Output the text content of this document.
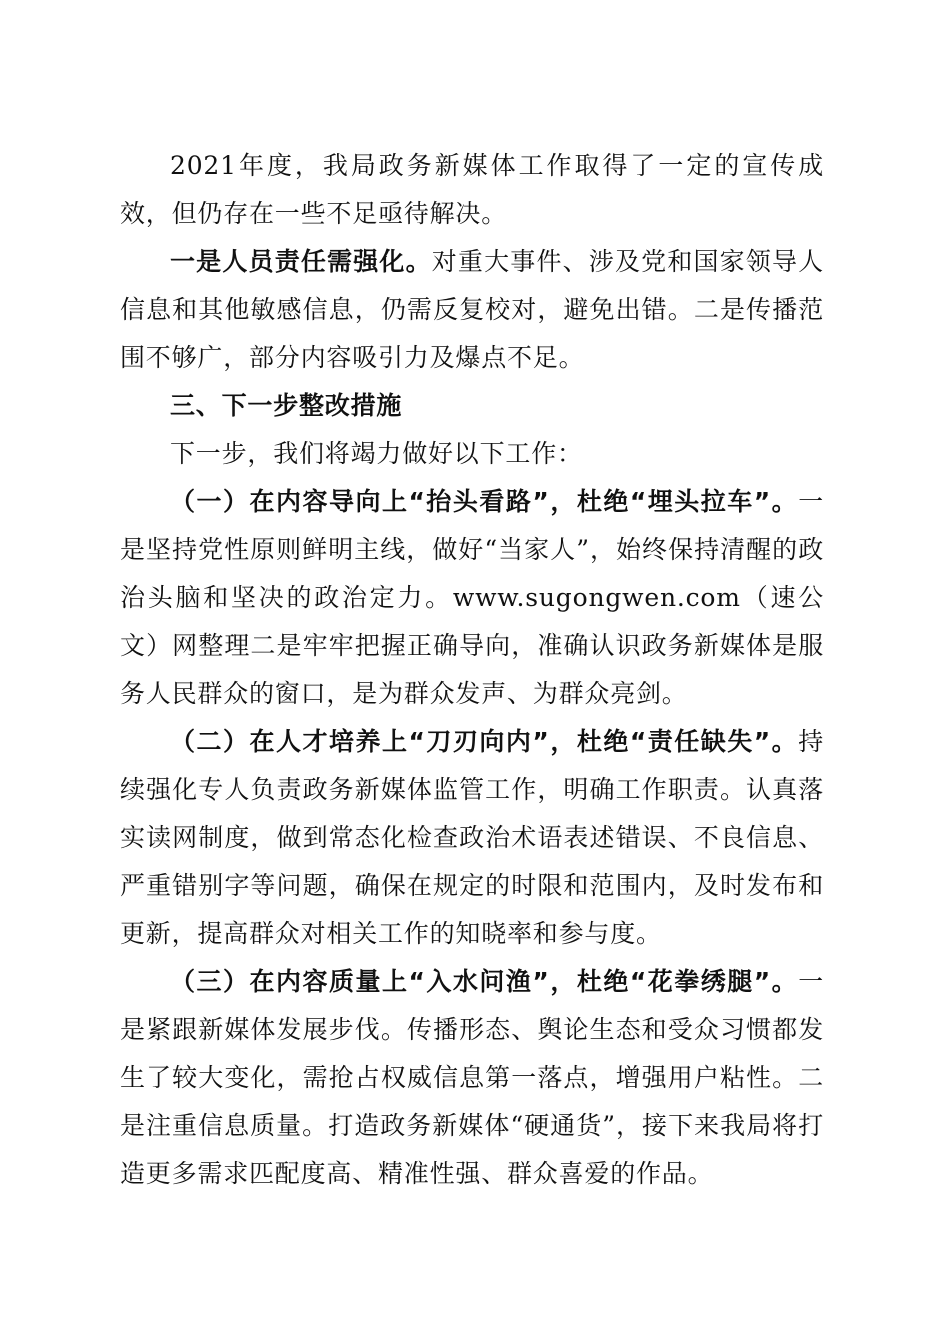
2021年度，我局政务新媒体工作取得了一定的宣传成效，但仍存在一些不足亟待解决。

一是人员责任需强化。对重大事件、涉及党和国家领导人信息和其他敏感信息，仍需反复校对，避免出错。二是传播范围不够广，部分内容吸引力及爆点不足。

三、下一步整改措施

下一步，我们将竭力做好以下工作：

（一）在内容导向上“抬头看路”，杜绝“埋头拉车”。一是坚持党性原则鲜明主线，做好“当家人”，始终保持清醒的政治头脑和坚决的政治定力。www.sugongwen.com（速公文）网整理二是牢牢把握正确导向，准确认识政务新媒体是服务人民群众的窗口，是为群众发声、为群众亮剑。

（二）在人才培养上“刀刃向内”，杜绝“责任缺失”。持续强化专人负责政务新媒体监管工作，明确工作职责。认真落实读网制度，做到常态化检查政治术语表述错误、不良信息、严重错别字等问题，确保在规定的时限和范围内，及时发布和更新，提高群众对相关工作的知晓率和参与度。

（三）在内容质量上“入水问渔”，杜绝“花拳绣腿”。一是紧跟新媒体发展步伐。传播形态、舆论生态和受众习惯都发生了较大变化，需抢占权威信息第一落点，增强用户粘性。二是注重信息质量。打造政务新媒体“硬通货”，接下来我局将打造更多需求匹配度高、精准性强、群众喜爱的作品。
